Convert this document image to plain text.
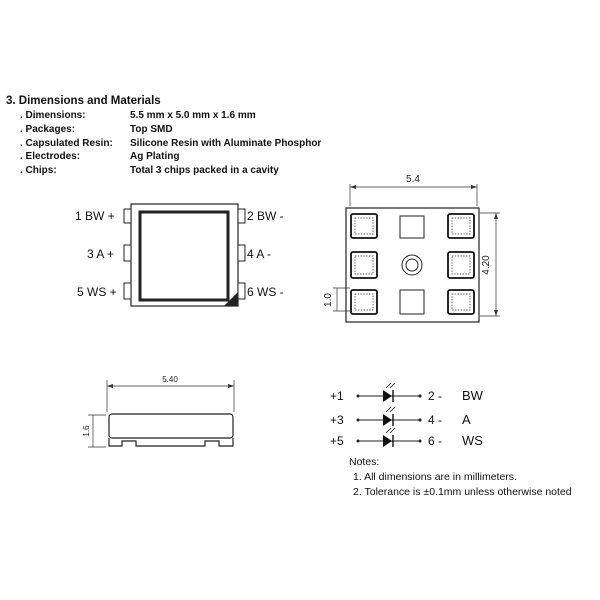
3. Dimensions and Materials
. Dimensions:	5.5 mm x 5.0 mm x 1.6 mm
. Packages:	Top SMD
. Capsulated Resin: Silicone Resin with Aluminate Phosphor
. Electrodes:	Ag Plating
. Chips:	Total 3 chips packed in a cavity
5.4
4.20
1.0
5.40
1.6
+1	2 - BW
+3	4 - A
+5	6 - WS
1 BW +
3 A +
5 WS +
2 BW -
4 A -
6 WS -
Notes:
1. All dimensions are in millimeters.
2. Tolerance is ±0.1mm unless otherwise noted
